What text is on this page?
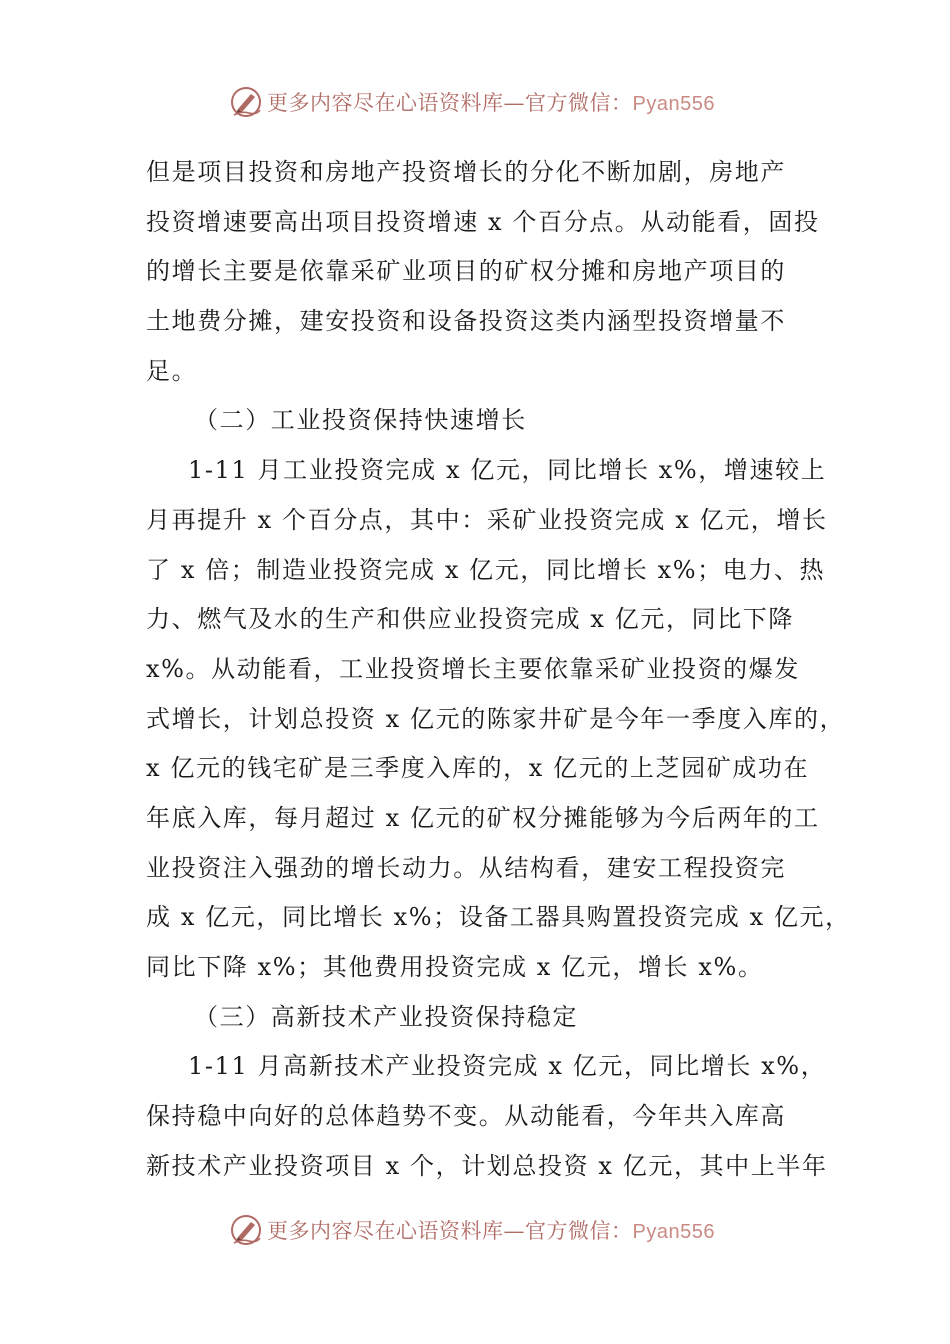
更多内容尽在心语资料库—官方微信：Pyan556
但是项目投资和房地产投资增长的分化不断加剧，房地产
投资增速要高出项目投资增速 x 个百分点。从动能看，固投
的增长主要是依靠采矿业项目的矿权分摊和房地产项目的
土地费分摊，建安投资和设备投资这类内涵型投资增量不
足。
（二）工业投资保持快速增长
1-11 月工业投资完成 x 亿元，同比增长 x%，增速较上
月再提升 x 个百分点，其中：采矿业投资完成 x 亿元，增长
了 x 倍；制造业投资完成 x 亿元，同比增长 x%；电力、热
力、燃气及水的生产和供应业投资完成 x 亿元，同比下降
x%。从动能看，工业投资增长主要依靠采矿业投资的爆发
式增长，计划总投资 x 亿元的陈家井矿是今年一季度入库的，
x 亿元的钱宅矿是三季度入库的，x 亿元的上芝园矿成功在
年底入库，每月超过 x 亿元的矿权分摊能够为今后两年的工
业投资注入强劲的增长动力。从结构看，建安工程投资完
成 x 亿元，同比增长 x%；设备工器具购置投资完成 x 亿元，
同比下降 x%；其他费用投资完成 x 亿元，增长 x%。
（三）高新技术产业投资保持稳定
1-11 月高新技术产业投资完成 x 亿元，同比增长 x%，
保持稳中向好的总体趋势不变。从动能看，今年共入库高
新技术产业投资项目 x 个，计划总投资 x 亿元，其中上半年
更多内容尽在心语资料库—官方微信：Pyan556
